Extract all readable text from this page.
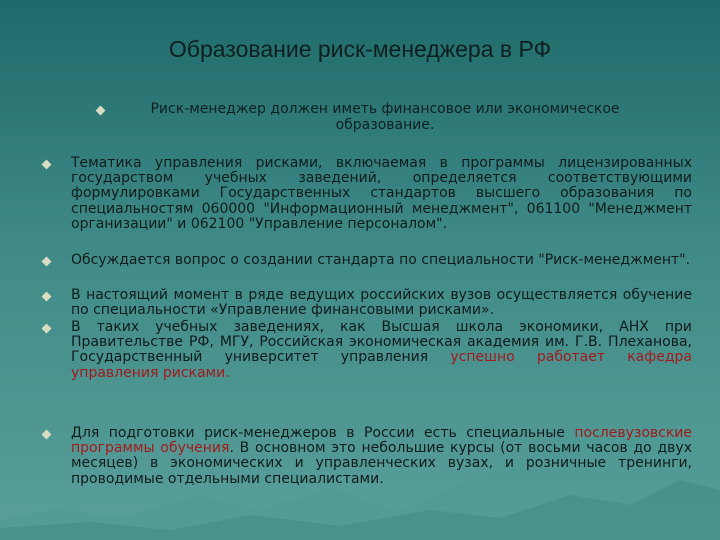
Образование риск-менеджера в РФ
Риск-менеджер должен иметь финансовое или экономическое образование.
Тематика управления рисками, включаемая в программы лицензированных государством учебных заведений, определяется соответствующими формулировками Государственных стандартов высшего образования по специальностям 060000 "Информационный менеджмент", 061100 "Менеджмент организации" и 062100 "Управление персоналом".
Обсуждается вопрос о создании стандарта по специальности "Риск-менеджмент".
В настоящий момент в ряде ведущих российских вузов осуществляется обучение по специальности «Управление финансовыми рисками».
В таких учебных заведениях, как Высшая школа экономики, АНХ при Правительстве РФ, МГУ, Российская экономическая академия им. Г.В. Плеханова, Государственный университет управления успешно работает кафедра управления рисками.
Для подготовки риск-менеджеров в России есть специальные послевузовские программы обучения. В основном это небольшие курсы (от восьми часов до двух месяцев) в экономических и управленческих вузах, и розничные тренинги, проводимые отдельными специалистами.
